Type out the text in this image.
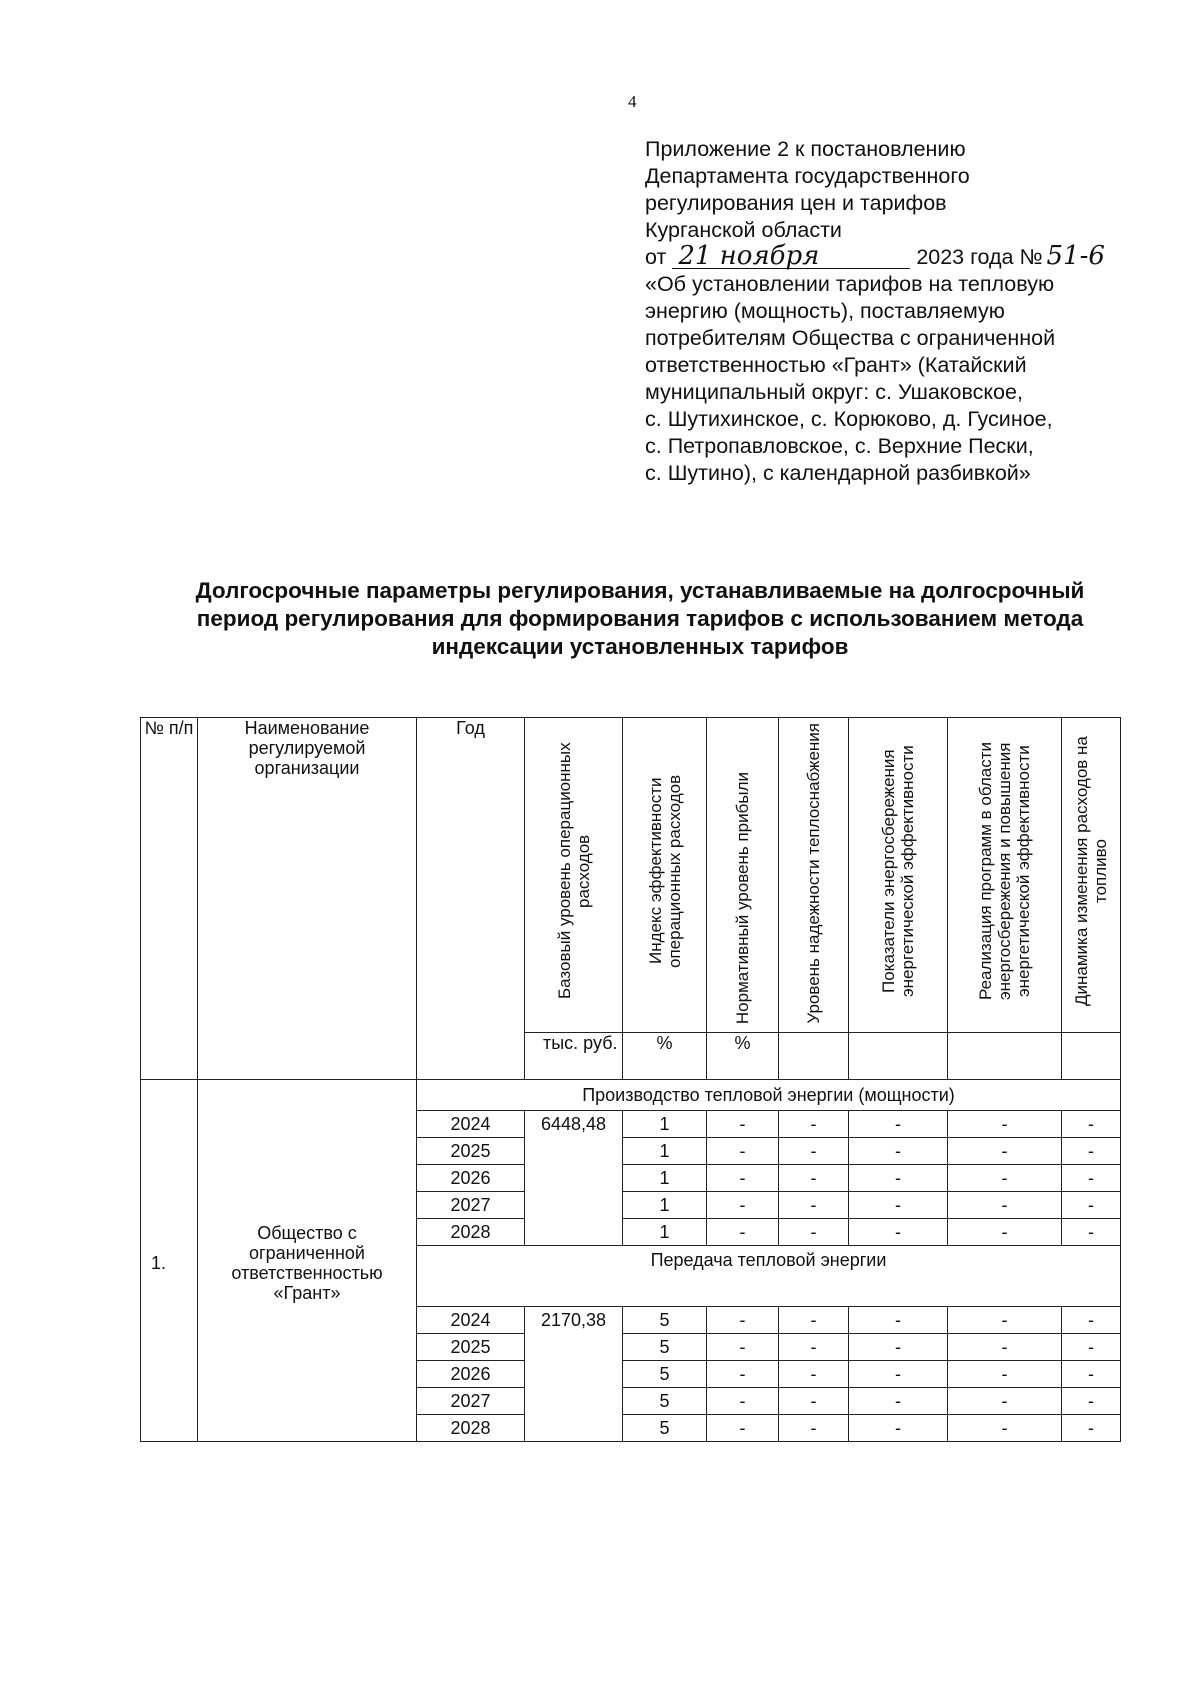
4
Приложение 2 к постановлению
Департамента государственного
регулирования цен и тарифов
Курганской области
от 21 ноября	2023 года № 51-6
«Об установлении тарифов на тепловую
энергию (мощность), поставляемую
потребителям Общества с ограниченной
ответственностью «Грант» (Катайский
муниципальный округ: с. Ушаковское,
с. Шутихинское, с. Корюково, д. Гусиное,
с. Петропавловское, с. Верхние Пески,
с. Шутино), с календарной разбивкой»
Долгосрочные параметры регулирования, устанавливаемые на долгосрочный
период регулирования для формирования тарифов с использованием метода
индексации установленных тарифов
№ п/п	Наименование регулируемой организации	Год	Базовый уровень операционных расходов	Индекс эффективности операционных расходов	Нормативный уровень прибыли	Уровень надежности теплоснабжения	Показатели энергосбережения энергетической эффективности	Реализация программ в области энергосбережения и повышения энергетической эффективности	Динамика изменения расходов на топливо

			тыс. руб.	%	%				
1.	Общество с ограниченной ответственностью «Грант»	Производство тепловой энергии (мощности)							
		2024	6448,48	1	-	-	-	-	-
		2025		1	-	-	-	-	-
		2026		1	-	-	-	-	-
		2027		1	-	-	-	-	-
		2028		1	-	-	-	-	-
		Передача тепловой энергии							
		2024	2170,38	5	-	-	-	-	-
		2025		5	-	-	-	-	-
		2026		5	-	-	-	-	-
		2027		5	-	-	-	-	-
		2028		5	-	-	-	-	-
